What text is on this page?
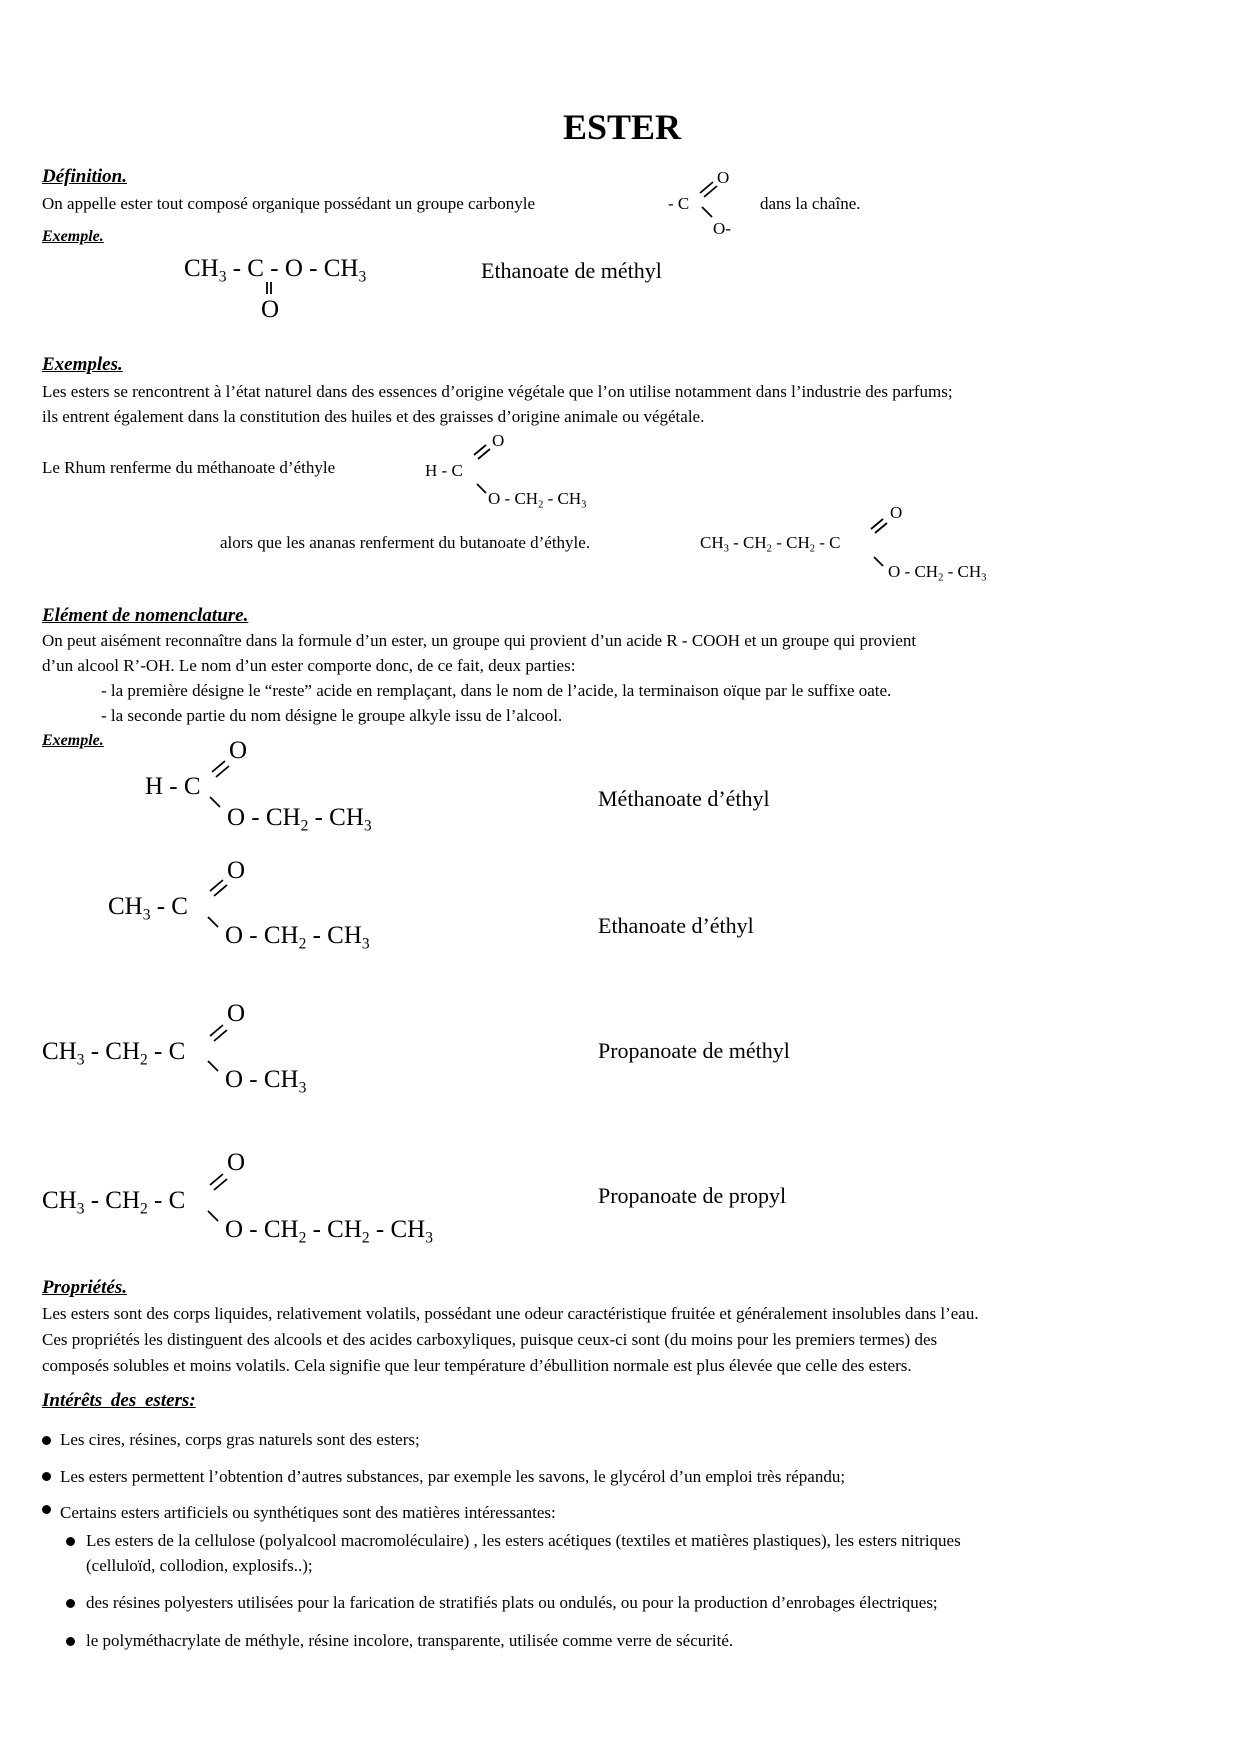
ESTER
Définition.
On appelle ester tout composé organique possédant un groupe carbonyle	- C
O
O-
dans la chaîne.
Exemple.
$CH_3$ - C - O - $CH_3$
O
Ethanoate de méthyl
Exemples.
Les esters se rencontrent à l’état naturel dans des essences d’origine végétale que l’on utilise notamment dans l’industrie des parfums;
ils entrent également dans la constitution des huiles et des graisses d’origine animale ou végétale.
Le Rhum renferme du méthanoate d’éthyle	H - C
O
O - $CH_2 - CH_3$
alors que les ananas renferment du butanoate d’éthyle.	$CH_3 - CH_2 - CH_2$ - C
O
O - $CH_2 - CH_3$
Elément de nomenclature.
On peut aisément reconnaître dans la formule d’un ester, un groupe qui provient d’un acide R - COOH et un groupe qui provient
d’un alcool R’-OH. Le nom d’un ester comporte donc, de ce fait, deux parties:
- la première désigne le “reste” acide en remplaçant, dans le nom de l’acide, la terminaison oïque par le suffixe oate.
- la seconde partie du nom désigne le groupe alkyle issu de l’alcool.
Exemple.
H - C
O
O - $CH_2 - CH_3$
Méthanoate d’éthyl
$CH_3$ - C
O
O - $CH_2 - CH_3$
Ethanoate d’éthyl
$CH_3 - CH_2$ - C
O
O - $CH_3$
Propanoate de méthyl
$CH_3 - CH_2$ - C
O
O - $CH_2 - CH_2 - CH_3$
Propanoate de propyl
Propriétés.
Les esters sont des corps liquides, relativement volatils, possédant une odeur caractéristique fruitée et généralement insolubles dans l’eau.
Ces propriétés les distinguent des alcools et des acides carboxyliques, puisque ceux-ci sont (du moins pour les premiers termes) des
composés solubles et moins volatils. Cela signifie que leur température d’ébullition normale est plus élevée que celle des esters.
Intérêts des esters:
Les cires, résines, corps gras naturels sont des esters;
Les esters permettent l’obtention d’autres substances, par exemple les savons, le glycérol d’un emploi très répandu;
Certains esters artificiels ou synthétiques sont des matières intéressantes:
Les esters de la cellulose (polyalcool macromoléculaire) , les esters acétiques (textiles et matières plastiques), les esters nitriques
(celluloïd, collodion, explosifs..);
des résines polyesters utilisées pour la farication de stratifiés plats ou ondulés, ou pour la production d’enrobages électriques;
le polyméthacrylate de méthyle, résine incolore, transparente, utilisée comme verre de sécurité.
